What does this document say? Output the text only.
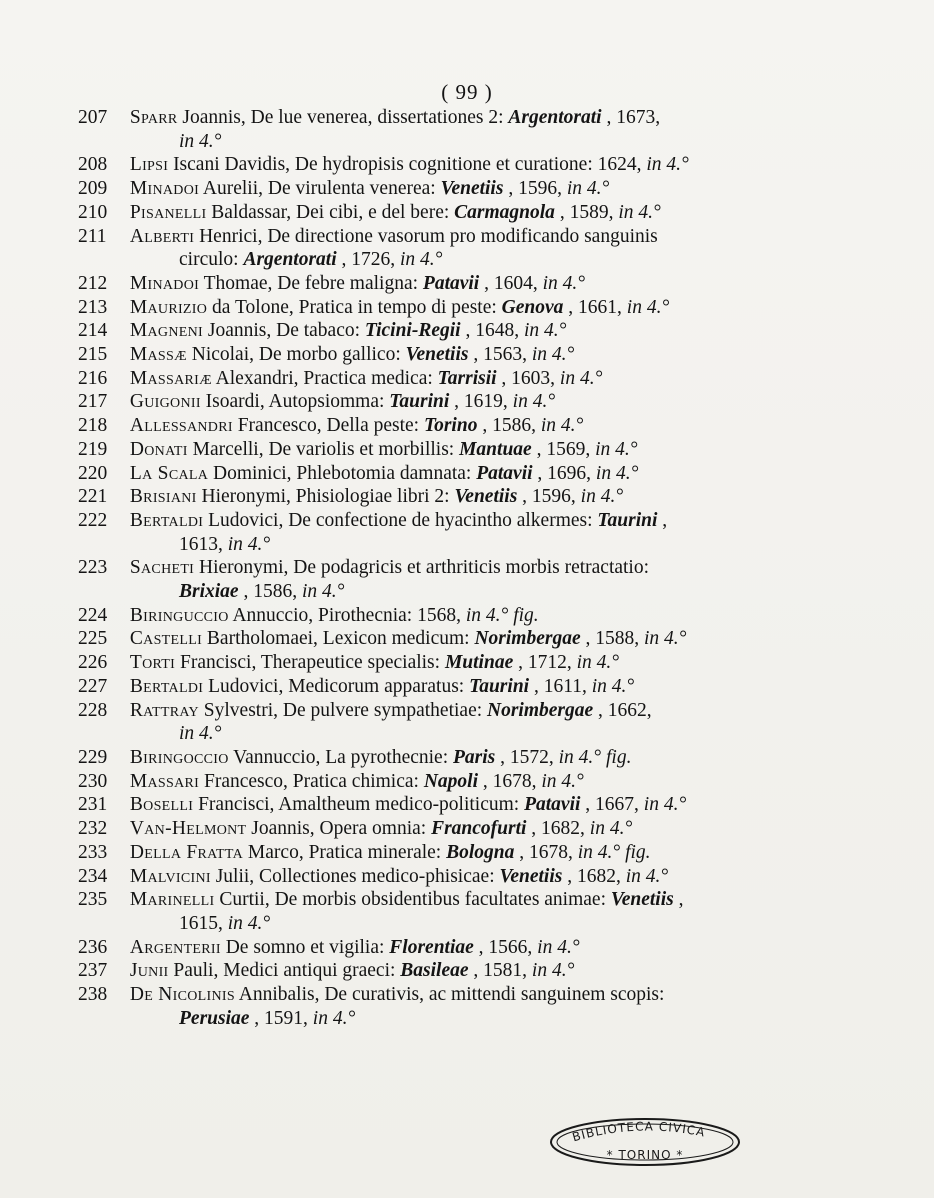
( 99 )
207 Sparr Joannis, De lue venerea, dissertationes 2: Argentorati , 1673,
in 4.°
208 Lipsi Iscani Davidis, De hydropisis cognitione et curatione: 1624, in 4.°
209 Minadoi Aurelii, De virulenta venerea: Venetiis , 1596, in 4.°
210 Pisanelli Baldassar, Dei cibi, e del bere: Carmagnola , 1589, in 4.°
211 Alberti Henrici, De directione vasorum pro modificando sanguinis
circulo: Argentorati , 1726, in 4.°
212 Minadoi Thomae, De febre maligna: Patavii , 1604, in 4.°
213 Maurizio da Tolone, Pratica in tempo di peste: Genova , 1661, in 4.°
214 Magneni Joannis, De tabaco: Ticini-Regii , 1648, in 4.°
215 Massæ Nicolai, De morbo gallico: Venetiis , 1563, in 4.°
216 Massariæ Alexandri, Practica medica: Tarrisii , 1603, in 4.°
217 Guigonii Isoardi, Autopsiomma: Taurini , 1619, in 4.°
218 Allessandri Francesco, Della peste: Torino , 1586, in 4.°
219 Donati Marcelli, De variolis et morbillis: Mantuae , 1569, in 4.°
220 La Scala Dominici, Phlebotomia damnata: Patavii , 1696, in 4.°
221 Brisiani Hieronymi, Phisiologiae libri 2: Venetiis , 1596, in 4.°
222 Bertaldi Ludovici, De confectione de hyacintho alkermes: Taurini ,
1613, in 4.°
223 Sacheti Hieronymi, De podagricis et arthriticis morbis retractatio:
Brixiae , 1586, in 4.°
224 Biringuccio Annuccio, Pirothecnia: 1568, in 4.° fig.
225 Castelli Bartholomaei, Lexicon medicum: Norimbergae , 1588, in 4.°
226 Torti Francisci, Therapeutice specialis: Mutinae , 1712, in 4.°
227 Bertaldi Ludovici, Medicorum apparatus: Taurini , 1611, in 4.°
228 Rattray Sylvestri, De pulvere sympathetiae: Norimbergae , 1662,
in 4.°
229 Biringoccio Vannuccio, La pyrothecnie: Paris , 1572, in 4.° fig.
230 Massari Francesco, Pratica chimica: Napoli , 1678, in 4.°
231 Boselli Francisci, Amaltheum medico-politicum: Patavii , 1667, in 4.°
232 Van-Helmont Joannis, Opera omnia: Francofurti , 1682, in 4.°
233 Della Fratta Marco, Pratica minerale: Bologna , 1678, in 4.° fig.
234 Malvicini Julii, Collectiones medico-phisicae: Venetiis , 1682, in 4.°
235 Marinelli Curtii, De morbis obsidentibus facultates animae: Venetiis ,
1615, in 4.°
236 Argenterii De somno et vigilia: Florentiae , 1566, in 4.°
237 Junii Pauli, Medici antiqui graeci: Basileae , 1581, in 4.°
238 De Nicolinis Annibalis, De curativis, ac mittendi sanguinem scopis:
Perusiae , 1591, in 4.°
BIBLIOTECA CIVICA
* TORINO *
